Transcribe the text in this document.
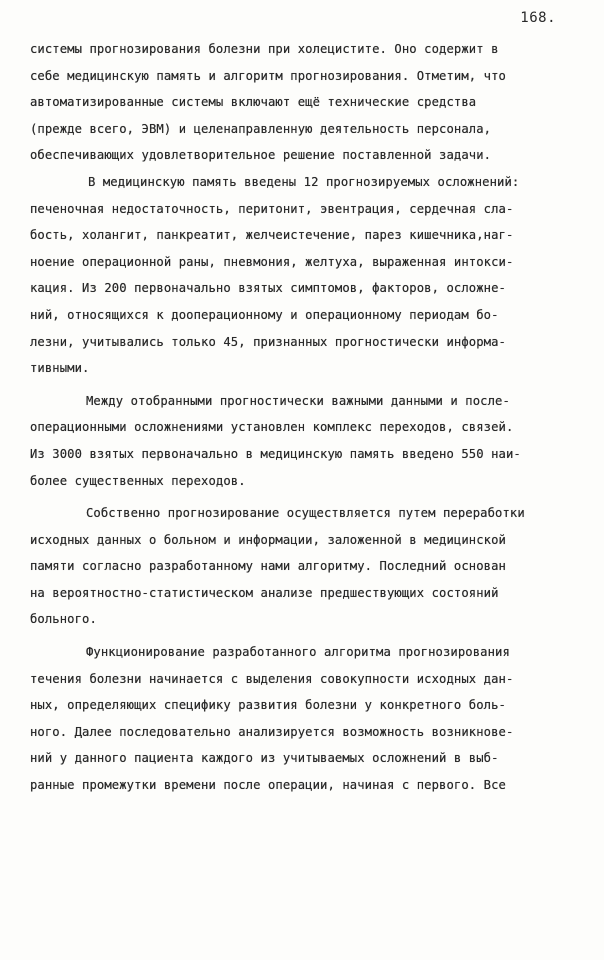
168.
системы прогнозирования болезни при холецистите. Оно содержит в
себе медицинскую память и алгоритм прогнозирования. Отметим, что
автоматизированные системы включают ещё технические средства
(прежде всего, ЭВМ) и целенаправленную деятельность персонала,
обеспечивающих удовлетворительное решение поставленной задачи.
В медицинскую память введены 12 прогнозируемых осложнений:
печеночная недостаточность, перитонит, эвентрация, сердечная сла-
бость, холангит, панкреатит, желчеистечение, парез кишечника,наг-
ноение операционной раны, пневмония, желтуха, выраженная интокси-
кация. Из 200 первоначально взятых симптомов, факторов, осложне-
ний, относящихся к дооперационному и операционному периодам бо-
лезни, учитывались только 45, признанных прогностически информа-
тивными.
Между отобранными прогностически важными данными и после-
операционными осложнениями установлен комплекс переходов, связей.
Из 3000 взятых первоначально в медицинскую память введено 550 наи-
более существенных переходов.
Собственно прогнозирование осуществляется путем переработки
исходных данных о больном и информации, заложенной в медицинской
памяти согласно разработанному нами алгоритму. Последний основан
на вероятностно-статистическом анализе предшествующих состояний
больного.
Функционирование разработанного алгоритма прогнозирования
течения болезни начинается с выделения совокупности исходных дан-
ных, определяющих специфику развития болезни у конкретного боль-
ного. Далее последовательно анализируется возможность возникнове-
ний у данного пациента каждого из учитываемых осложнений в выб-
ранные промежутки времени после операции, начиная с первого. Все
